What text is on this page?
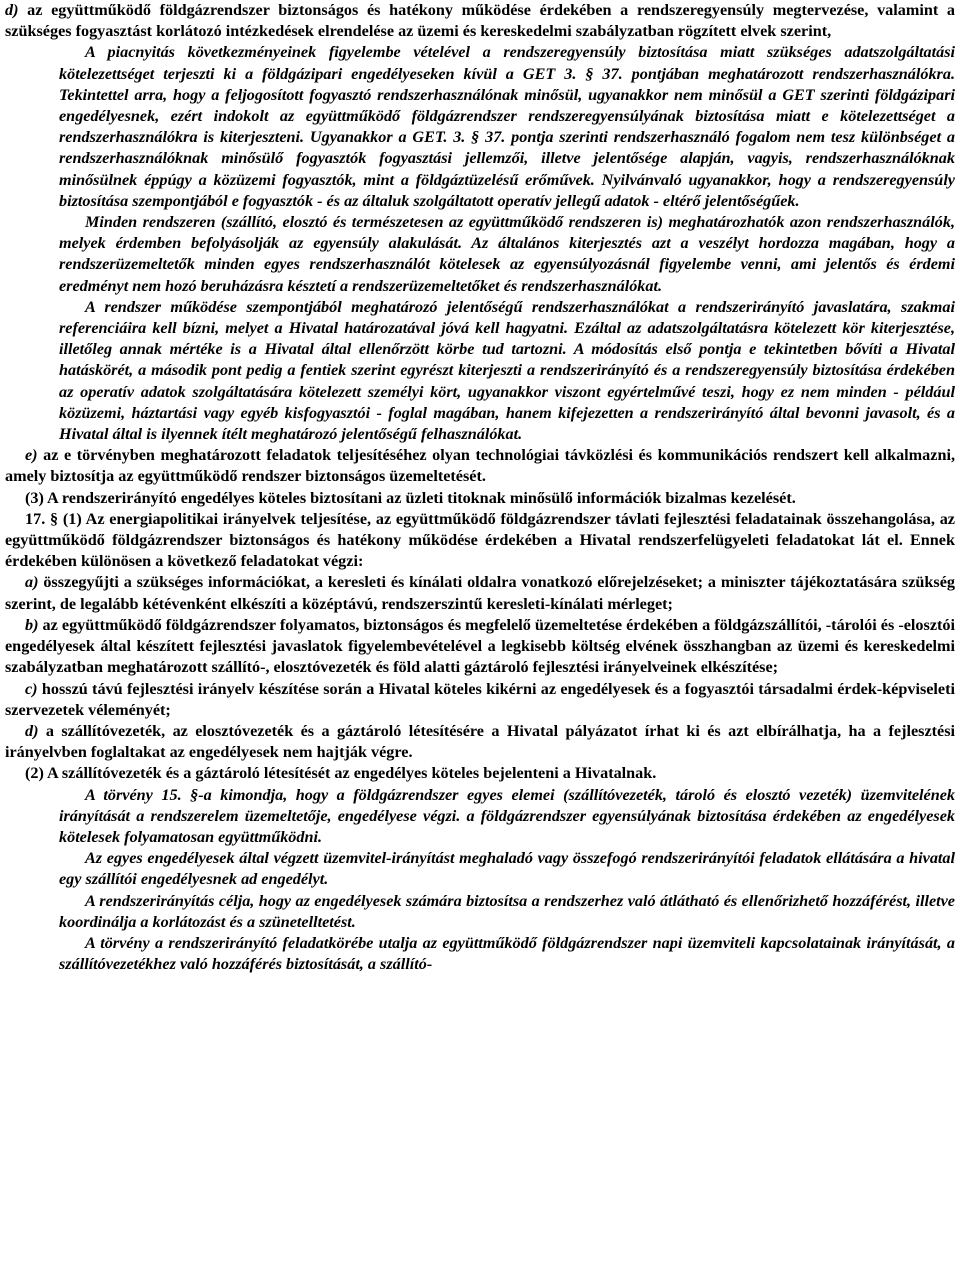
d) az együttműködő földgázrendszer biztonságos és hatékony működése érdekében a rendszeregyensúly megtervezése, valamint a szükséges fogyasztást korlátozó intézkedések elrendelése az üzemi és kereskedelmi szabályzatban rögzített elvek szerint,

A piacnyitás következményeinek figyelembe vételével a rendszeregyensúly biztosítása miatt szükséges adatszolgáltatási kötelezettséget terjeszti ki a földgázipari engedélyeseken kívül a GET 3. § 37. pontjában meghatározott rendszerhasználókra. Tekintettel arra, hogy a feljogosított fogyasztó rendszerhasználónak minősül, ugyanakkor nem minősül a GET szerinti földgázipari engedélyesnek, ezért indokolt az együttműködő földgázrendszer rendszeregyensúlyának biztosítása miatt e kötelezettséget a rendszerhasználókra is kiterjeszteni. Ugyanakkor a GET. 3. § 37. pontja szerinti rendszerhasználó fogalom nem tesz különbséget a rendszerhasználóknak minősülő fogyasztók fogyasztási jellemzői, illetve jelentősége alapján, vagyis, rendszerhasználóknak minősülnek éppúgy a közüzemi fogyasztók, mint a földgáztüzelésű erőművek. Nyilvánvaló ugyanakkor, hogy a rendszeregyensúly biztosítása szempontjából e fogyasztók - és az általuk szolgáltatott operatív jellegű adatok - eltérő jelentőségűek.

Minden rendszeren (szállító, elosztó és természetesen az együttműködő rendszeren is) meghatározhatók azon rendszerhasználók, melyek érdemben befolyásolják az egyensúly alakulását. Az általános kiterjesztés azt a veszélyt hordozza magában, hogy a rendszerüzemeltetők minden egyes rendszerhasználót kötelesek az egyensúlyozásnál figyelembe venni, ami jelentős és érdemi eredményt nem hozó beruházásra késztetí a rendszerüzemeltetőket és rendszerhasználókat.

A rendszer működése szempontjából meghatározó jelentőségű rendszerhasználókat a rendszerirányító javaslatára, szakmai referenciáira kell bízni, melyet a Hivatal határozatával jóvá kell hagyatni. Ezáltal az adatszolgáltatásra kötelezett kör kiterjesztése, illetőleg annak mértéke is a Hivatal által ellenőrzött körbe tud tartozni. A módosítás első pontja e tekintetben bővíti a Hivatal hatáskörét, a második pont pedig a fentiek szerint egyrészt kiterjeszti a rendszerirányító és a rendszeregyensúly biztosítása érdekében az operatív adatok szolgáltatására kötelezett személyi kört, ugyanakkor viszont egyértelművé teszi, hogy ez nem minden - például közüzemi, háztartási vagy egyéb kisfogyasztói - foglal magában, hanem kifejezetten a rendszerirányító által bevonni javasolt, és a Hivatal által is ilyennek ítélt meghatározó jelentőségű felhasználókat.

e) az e törvényben meghatározott feladatok teljesítéséhez olyan technológiai távközlési és kommunikációs rendszert kell alkalmazni, amely biztosítja az együttműködő rendszer biztonságos üzemeltetését.

(3) A rendszerirányító engedélyes köteles biztosítani az üzleti titoknak minősülő információk bizalmas kezelését.

17. § (1) Az energiapolitikai irányelvek teljesítése, az együttműködő földgázrendszer távlati fejlesztési feladatainak összehangolása, az együttműködő földgázrendszer biztonságos és hatékony működése érdekében a Hivatal rendszerfelügyeleti feladatokat lát el. Ennek érdekében különösen a következő feladatokat végzi:

a) összegyűjti a szükséges információkat, a keresleti és kínálati oldalra vonatkozó előrejelzéseket; a miniszter tájékoztatására szükség szerint, de legalább kétévenként elkészíti a középtávú, rendszerszintű keresleti-kínálati mérleget;

b) az együttműködő földgázrendszer folyamatos, biztonságos és megfelelő üzemeltetése érdekében a földgázszállítói, -tárolói és -elosztói engedélyesek által készített fejlesztési javaslatok figyelembevételével a legkisebb költség elvének összhangban az üzemi és kereskedelmi szabályzatban meghatározott szállító-, elosztóvezeték és föld alatti gáztároló fejlesztési irányelveinek elkészítése;

c) hosszú távú fejlesztési irányelv készítése során a Hivatal köteles kikérni az engedélyesek és a fogyasztói társadalmi érdek-képviseleti szervezetek véleményét;

d) a szállítóvezeték, az elosztóvezeték és a gáztároló létesítésére a Hivatal pályázatot írhat ki és azt elbírálhatja, ha a fejlesztési irányelvben foglaltakat az engedélyesek nem hajtják végre.

(2) A szállítóvezeték és a gáztároló létesítését az engedélyes köteles bejelenteni a Hivatalnak.

A törvény 15. §-a kimondja, hogy a földgázrendszer egyes elemei (szállítóvezeték, tároló és elosztó vezeték) üzemvitelének irányítását a rendszerelem üzemeltetője, engedélyese végzi. a földgázrendszer egyensúlyának biztosítása érdekében az engedélyesek kötelesek folyamatosan együttműködni.

Az egyes engedélyesek által végzett üzemvitel-irányítást meghaladó vagy összefogó rendszerirányítói feladatok ellátására a hivatal egy szállítói engedélyesnek ad engedélyt.

A rendszerirányítás célja, hogy az engedélyesek számára biztosítsa a rendszerhez való átlátható és ellenőrizhető hozzáférést, illetve koordinálja a korlátozást és a szünetelltetést.

A törvény a rendszerirányító feladatkörébe utalja az együttműködő földgázrendszer napi üzemviteli kapcsolatainak irányítását, a szállítóvezetékhez való hozzáférés biztosítását, a szállító-
